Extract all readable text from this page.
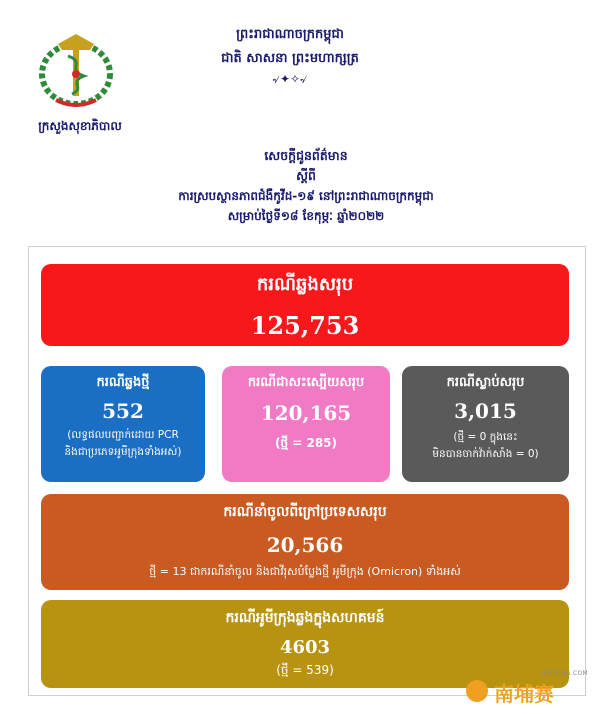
ក្រសួងសុខាភិបាល
ព្រះរាជាណាចក្រកម្ពុជា
ជាតិ សាសនា ព្រះមហាក្សត្រ
৵✦✧৵
សេចក្តីជូនព័ត៌មាន
ស្តីពី
ការស្របស្ថានភាពជំងឺកូវីដ-១៩ នៅព្រះរាជាណាចក្រកម្ពុជា
សម្រាប់ថ្ងៃទី១៨ ខែកុម្ភៈ ឆ្នាំ២០២២
ករណីឆ្លងសរុប
125,753
ករណីឆ្លងថ្មី
552
(លទ្ធផលបញ្ជាក់ដោយ PCR
និងជាប្រភេទអូមីក្រុងទាំងអស់)
ករណីជាសះស្បើយសរុប
120,165
(ថ្មី = 285)
ករណីស្លាប់សរុប
3,015
(ថ្មី = 0 ក្នុងនេះ
មិនបានចាក់វ៉ាក់សាំង = 0)
ករណីនាំចូលពីក្រៅប្រទេសសរុប
20,566
ថ្មី = 13 ជាករណីនាំចូល និងជាវីរុសបំប្លែងថ្មី អូមីក្រុង (Omicron) ទាំងអស់
ករណីអូមីក្រុងឆ្លងក្នុងសហគមន៍
4603
(ថ្មី = 539)	JPZTONG.COM
南埔赛
